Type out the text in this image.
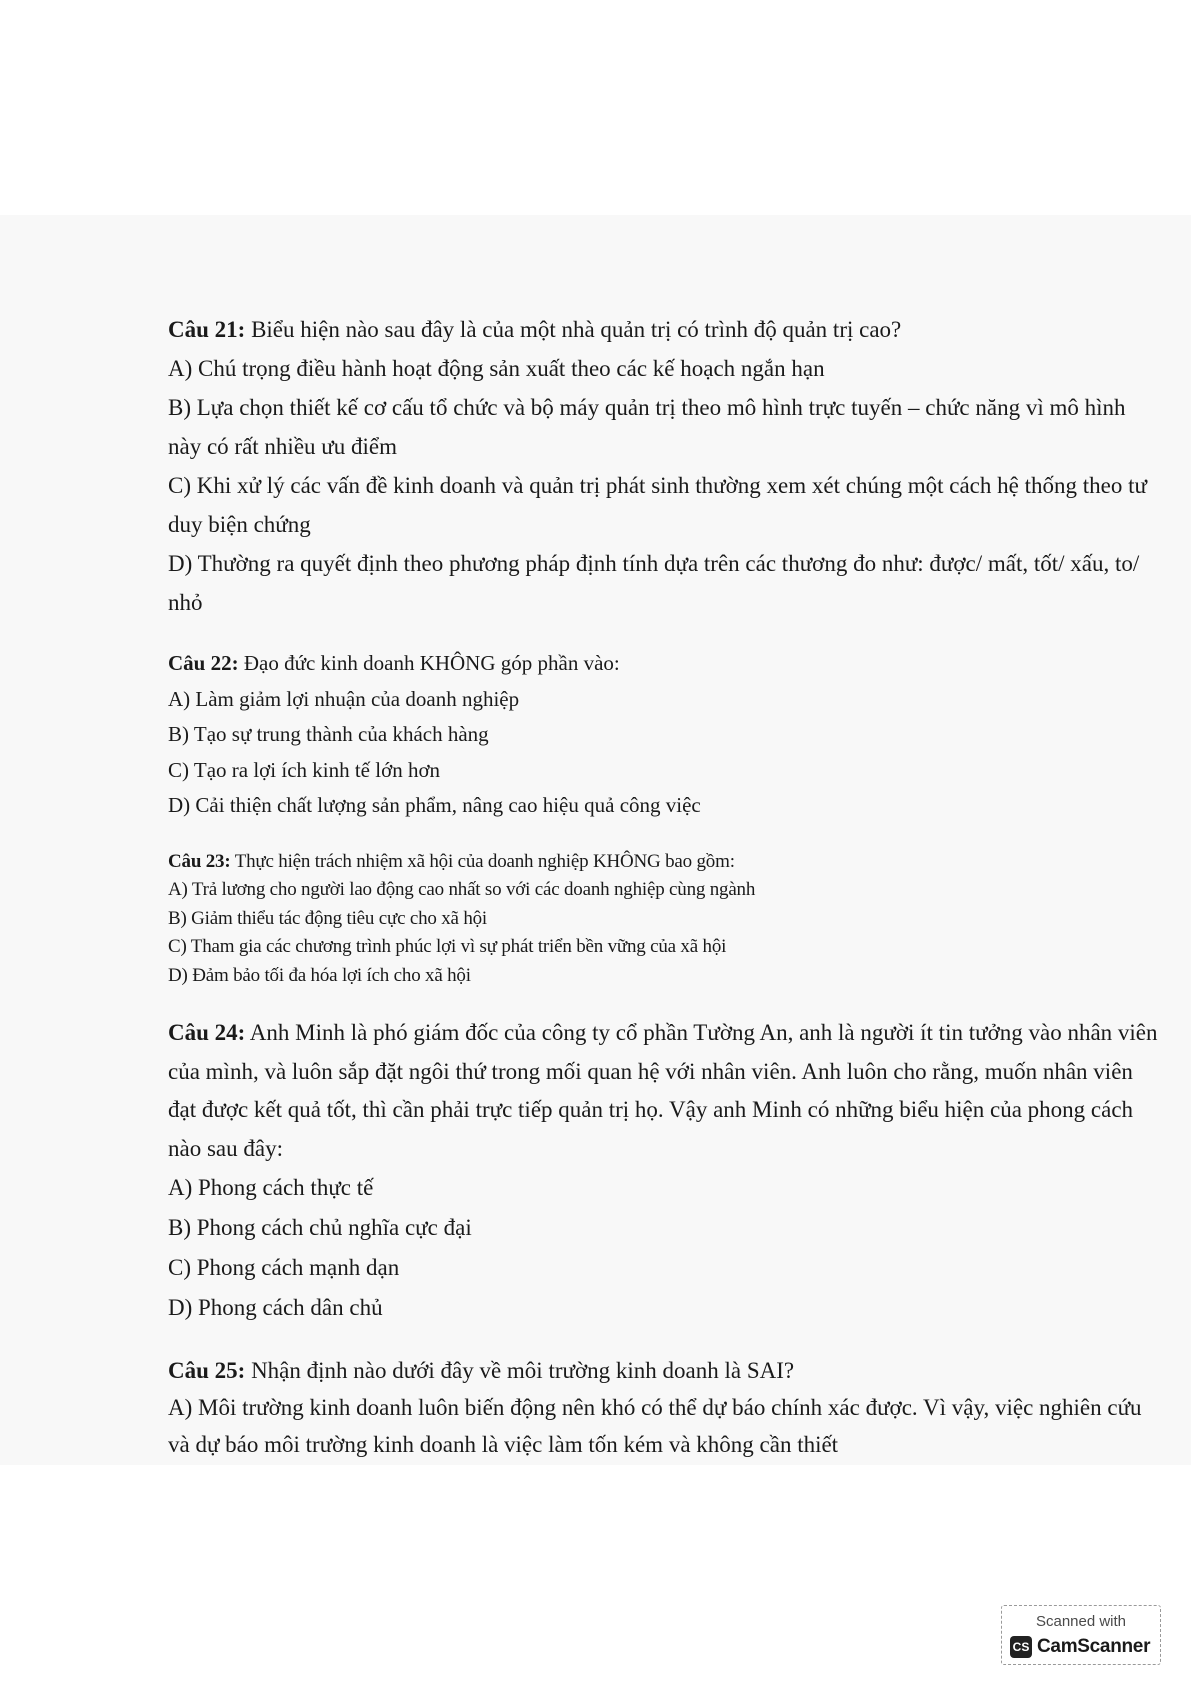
Câu 21: Biểu hiện nào sau đây là của một nhà quản trị có trình độ quản trị cao?

A) Chú trọng điều hành hoạt động sản xuất theo các kế hoạch ngắn hạn

B) Lựa chọn thiết kế cơ cấu tổ chức và bộ máy quản trị theo mô hình trực tuyến – chức năng vì mô hình này có rất nhiều ưu điểm

C) Khi xử lý các vấn đề kinh doanh và quản trị phát sinh thường xem xét chúng một cách hệ thống theo tư duy biện chứng

D) Thường ra quyết định theo phương pháp định tính dựa trên các thương đo như: được/ mất, tốt/ xấu, to/ nhỏ

Câu 22: Đạo đức kinh doanh KHÔNG góp phần vào:

A) Làm giảm lợi nhuận của doanh nghiệp

B) Tạo sự trung thành của khách hàng

C) Tạo ra lợi ích kinh tế lớn hơn

D) Cải thiện chất lượng sản phẩm, nâng cao hiệu quả công việc

Câu 23: Thực hiện trách nhiệm xã hội của doanh nghiệp KHÔNG bao gồm:

A) Trả lương cho người lao động cao nhất so với các doanh nghiệp cùng ngành

B) Giảm thiểu tác động tiêu cực cho xã hội

C) Tham gia các chương trình phúc lợi vì sự phát triển bền vững của xã hội

D) Đảm bảo tối đa hóa lợi ích cho xã hội

Câu 24: Anh Minh là phó giám đốc của công ty cổ phần Tường An, anh là người ít tin tưởng vào nhân viên của mình, và luôn sắp đặt ngôi thứ trong mối quan hệ với nhân viên. Anh luôn cho rằng, muốn nhân viên đạt được kết quả tốt, thì cần phải trực tiếp quản trị họ. Vậy anh Minh có những biểu hiện của phong cách nào sau đây:

A) Phong cách thực tế

B) Phong cách chủ nghĩa cực đại

C) Phong cách mạnh dạn

D) Phong cách dân chủ

Câu 25: Nhận định nào dưới đây về môi trường kinh doanh là SAI?

A) Môi trường kinh doanh luôn biến động nên khó có thể dự báo chính xác được. Vì vậy, việc nghiên cứu và dự báo môi trường kinh doanh là việc làm tốn kém và không cần thiết

Scanned with
CS CamScanner
